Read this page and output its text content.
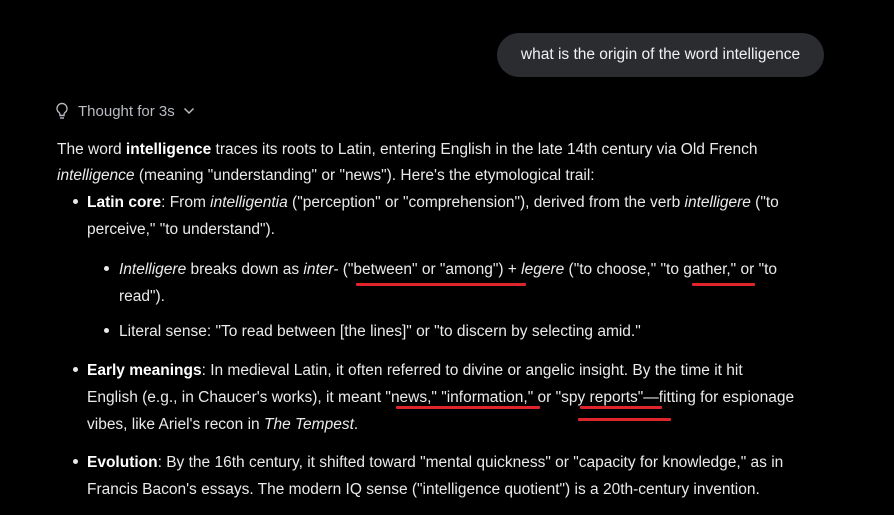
what is the origin of the word intelligence
Thought for 3s
The word intelligence traces its roots to Latin, entering English in the late 14th century via Old French
intelligence (meaning "understanding" or "news"). Here's the etymological trail:
Latin core: From intelligentia ("perception" or "comprehension"), derived from the verb intelligere ("to
perceive," "to understand").
Intelligere breaks down as inter- ("between" or "among") + legere ("to choose," "to gather," or "to
read").
Literal sense: "To read between [the lines]" or "to discern by selecting amid."
Early meanings: In medieval Latin, it often referred to divine or angelic insight. By the time it hit
English (e.g., in Chaucer's works), it meant "news," "information," or "spy reports"—fitting for espionage
vibes, like Ariel's recon in The Tempest.
Evolution: By the 16th century, it shifted toward "mental quickness" or "capacity for knowledge," as in
Francis Bacon's essays. The modern IQ sense ("intelligence quotient") is a 20th-century invention.
